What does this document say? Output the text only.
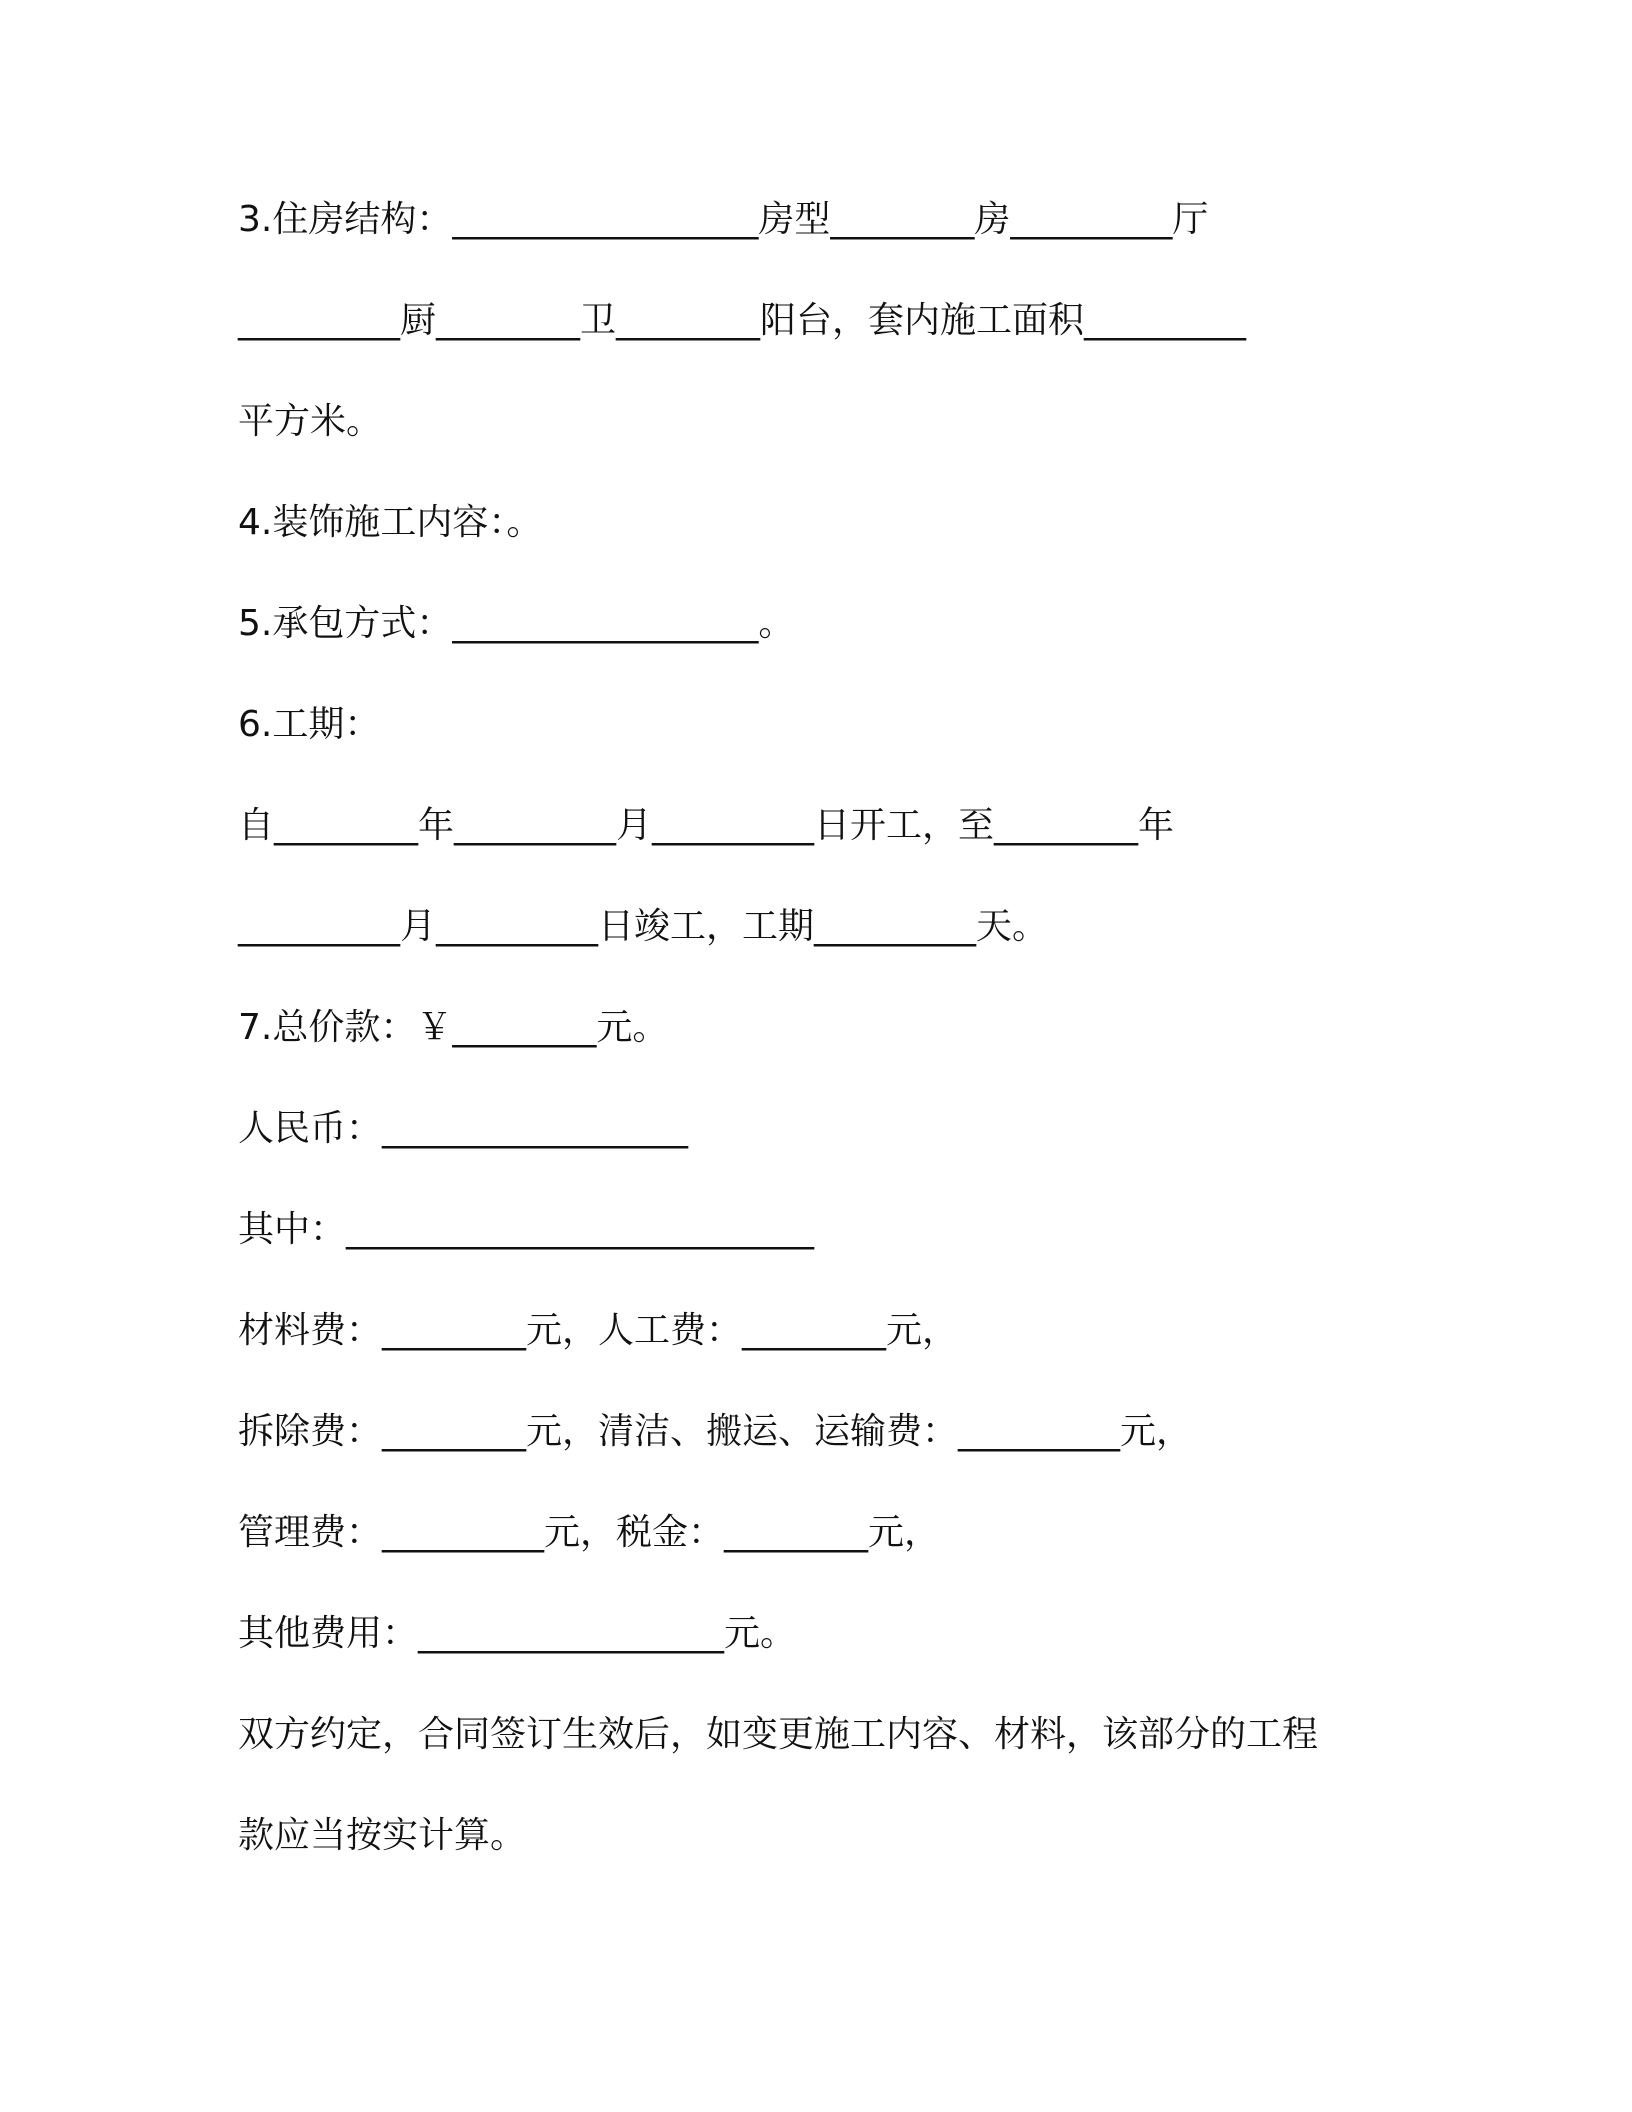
3.住房结构：_________________房型________房_________厅
_________厨________卫________阳台，套内施工面积_________
平方米。
4.装饰施工内容：。
5.承包方式：_________________。
6.工期：
自________年_________月_________日开工，至________年
_________月_________日竣工，工期_________天。
7.总价款：￥________元。
人民币：_________________
其中：__________________________
材料费：________元，人工费：________元，
拆除费：________元，清洁、搬运、运输费：_________元，
管理费：_________元，税金：________元，
其他费用：_________________元。
双方约定，合同签订生效后，如变更施工内容、材料，该部分的工程
款应当按实计算。
